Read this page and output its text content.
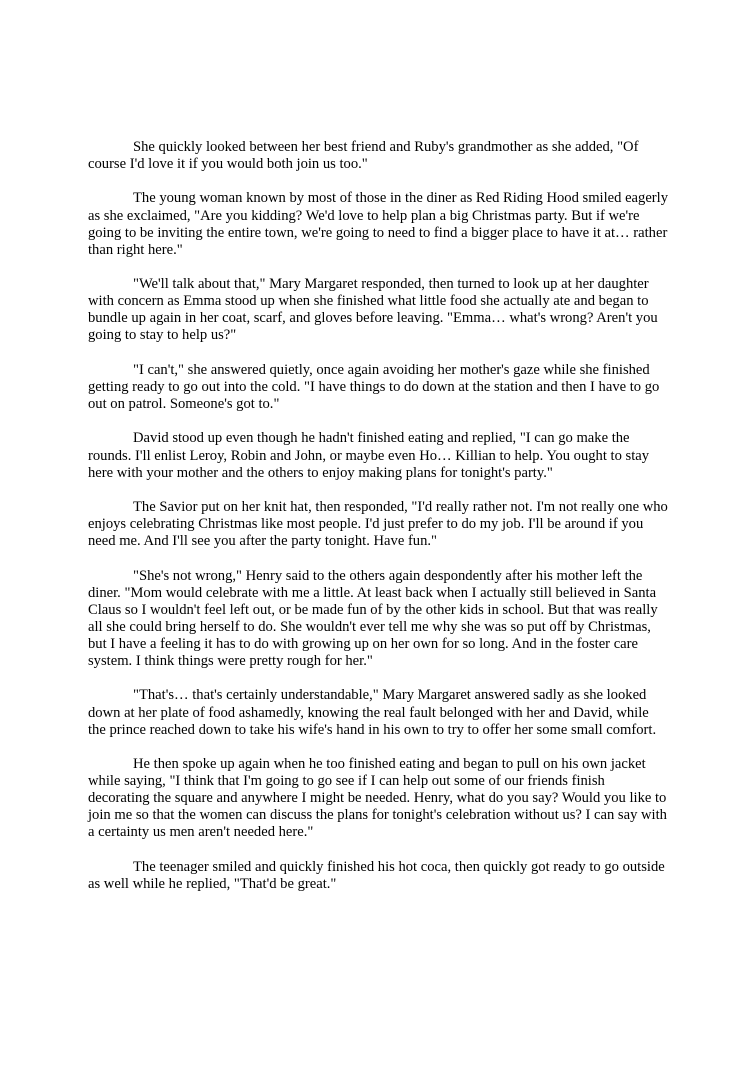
She quickly looked between her best friend and Ruby's grandmother as she added, "Of course I'd love it if you would both join us too."

The young woman known by most of those in the diner as Red Riding Hood smiled eagerly as she exclaimed, "Are you kidding? We'd love to help plan a big Christmas party. But if we're going to be inviting the entire town, we're going to need to find a bigger place to have it at… rather than right here."

"We'll talk about that," Mary Margaret responded, then turned to look up at her daughter with concern as Emma stood up when she finished what little food she actually ate and began to bundle up again in her coat, scarf, and gloves before leaving. "Emma… what's wrong? Aren't you going to stay to help us?"

"I can't," she answered quietly, once again avoiding her mother's gaze while she finished getting ready to go out into the cold. "I have things to do down at the station and then I have to go out on patrol. Someone's got to."

David stood up even though he hadn't finished eating and replied, "I can go make the rounds. I'll enlist Leroy, Robin and John, or maybe even Ho… Killian to help. You ought to stay here with your mother and the others to enjoy making plans for tonight's party."

The Savior put on her knit hat, then responded, "I'd really rather not. I'm not really one who enjoys celebrating Christmas like most people. I'd just prefer to do my job. I'll be around if you need me. And I'll see you after the party tonight. Have fun."

"She's not wrong," Henry said to the others again despondently after his mother left the diner. "Mom would celebrate with me a little. At least back when I actually still believed in Santa Claus so I wouldn't feel left out, or be made fun of by the other kids in school. But that was really all she could bring herself to do. She wouldn't ever tell me why she was so put off by Christmas, but I have a feeling it has to do with growing up on her own for so long. And in the foster care system. I think things were pretty rough for her."

"That's… that's certainly understandable," Mary Margaret answered sadly as she looked down at her plate of food ashamedly, knowing the real fault belonged with her and David, while the prince reached down to take his wife's hand in his own to try to offer her some small comfort.

He then spoke up again when he too finished eating and began to pull on his own jacket while saying, "I think that I'm going to go see if I can help out some of our friends finish decorating the square and anywhere I might be needed. Henry, what do you say? Would you like to join me so that the women can discuss the plans for tonight's celebration without us? I can say with a certainty us men aren't needed here."

The teenager smiled and quickly finished his hot coca, then quickly got ready to go outside as well while he replied, "That'd be great."
